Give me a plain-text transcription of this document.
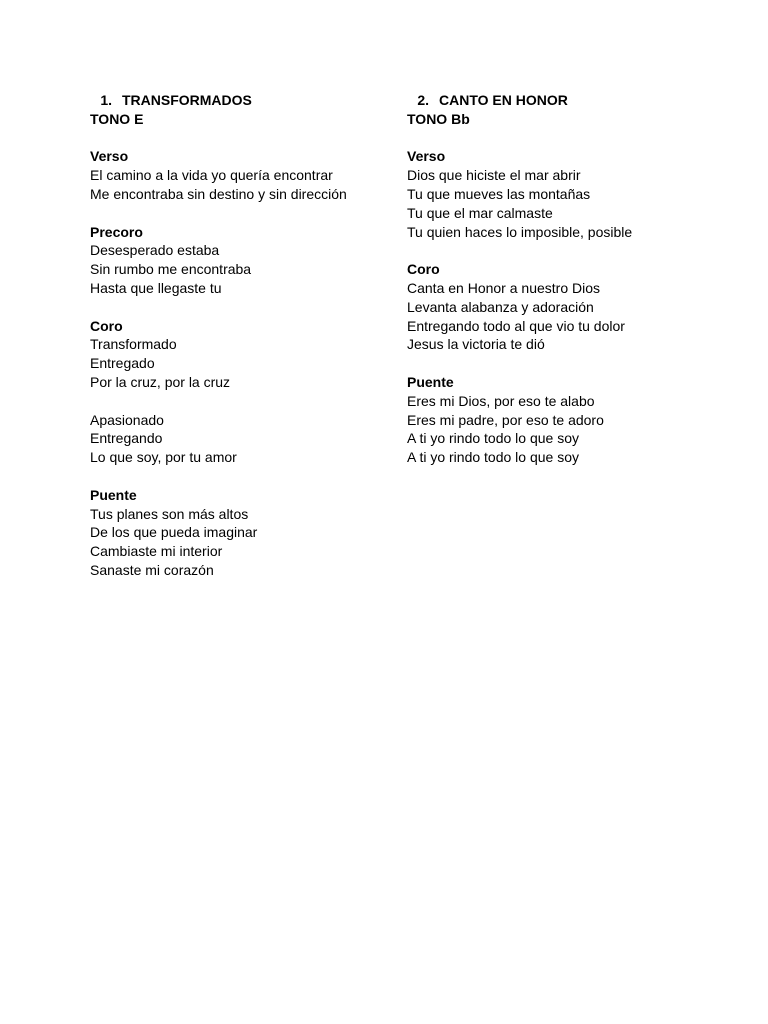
1. TRANSFORMADOS
TONO E
Verso
El camino a la vida yo quería encontrar
Me encontraba sin destino y sin dirección
Precoro
Desesperado estaba
Sin rumbo me encontraba
Hasta que llegaste tu
Coro
Transformado
Entregado
Por la cruz, por la cruz
Apasionado
Entregando
Lo que soy, por tu amor
Puente
Tus planes son más altos
De los que pueda imaginar
Cambiaste mi interior
Sanaste mi corazón
2. CANTO EN HONOR
TONO Bb
Verso
Dios que hiciste el mar abrir
Tu que mueves las montañas
Tu que el mar calmaste
Tu quien haces lo imposible, posible
Coro
Canta en Honor a nuestro Dios
Levanta alabanza y adoración
Entregando todo al que vio tu dolor
Jesus la victoria te dió
Puente
Eres mi Dios, por eso te alabo
Eres mi padre, por eso te adoro
A ti yo rindo todo lo que soy
A ti yo rindo todo lo que soy
